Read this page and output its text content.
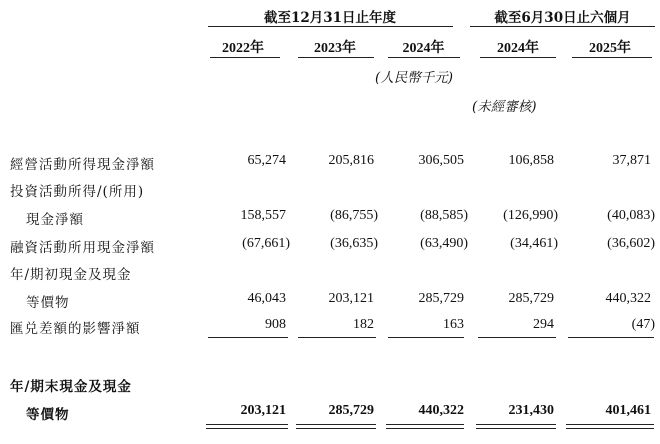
截至12月31日止年度	截至6月30日止六個月
2022年	2023年	2024年	2024年	2025年
(人民幣千元)
(未經審核)
經營活動所得現金淨額	65,274	205,816	306,505	106,858	37,871
投資活動所得/(所用)
現金淨額	158,557	(86,755)	(88,585)	(126,990)	(40,083)
融資活動所用現金淨額	(67,661)	(36,635)	(63,490)	(34,461)	(36,602)
年/期初現金及現金
等價物	46,043	203,121	285,729	285,729	440,322
匯兑差額的影響淨額	908	182	163	294	(47)
年/期末現金及現金
等價物	203,121	285,729	440,322	231,430	401,461
